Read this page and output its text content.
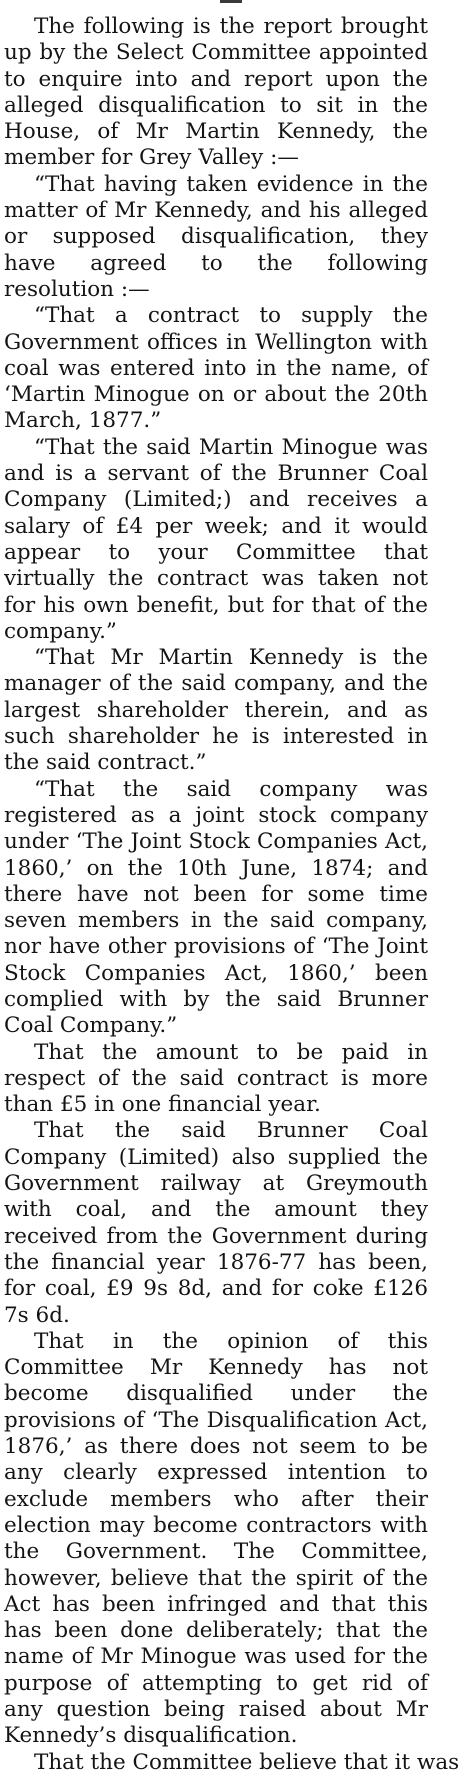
The following is the report brought up by the Select Committee appointed to enquire into and report upon the alleged disqualification to sit in the House, of Mr Martin Kennedy, the member for Grey Valley :—

“That having taken evidence in the matter of Mr Kennedy, and his alleged or supposed disqualification, they have agreed to the following resolution :—

“That a contract to supply the Government offices in Wellington with coal was entered into in the name, of ‘Martin Minogue on or about the 20th March, 1877.”

“That the said Martin Minogue was and is a servant of the Brunner Coal Company (Limited;) and receives a salary of £4 per week; and it would appear to your Committee that virtually the contract was taken not for his own benefit, but for that of the company.”

“That Mr Martin Kennedy is the manager of the said company, and the largest shareholder therein, and as such shareholder he is interested in the said contract.”

“That the said company was registered as a joint stock company under ‘The Joint Stock Companies Act, 1860,’ on the 10th June, 1874; and there have not been for some time seven members in the said company, nor have other provisions of ‘The Joint Stock Companies Act, 1860,’ been complied with by the said Brunner Coal Company.”

That the amount to be paid in respect of the said contract is more than £5 in one financial year.

That the said Brunner Coal Company (Limited) also supplied the Government railway at Greymouth with coal, and the amount they received from the Government during the financial year 1876-77 has been, for coal, £9 9s 8d, and for coke £126 7s 6d.

That in the opinion of this Committee Mr Kennedy has not become disqualified under the provisions of ‘The Disqualification Act, 1876,’ as there does not seem to be any clearly expressed intention to exclude members who after their election may become contractors with the Government. The Committee, however, believe that the spirit of the Act has been infringed and that this has been done deliberately; that the name of Mr Minogue was used for the purpose of attempting to get rid of any question being raised about Mr Kennedy’s disqualification.

That the Committee believe that it was
